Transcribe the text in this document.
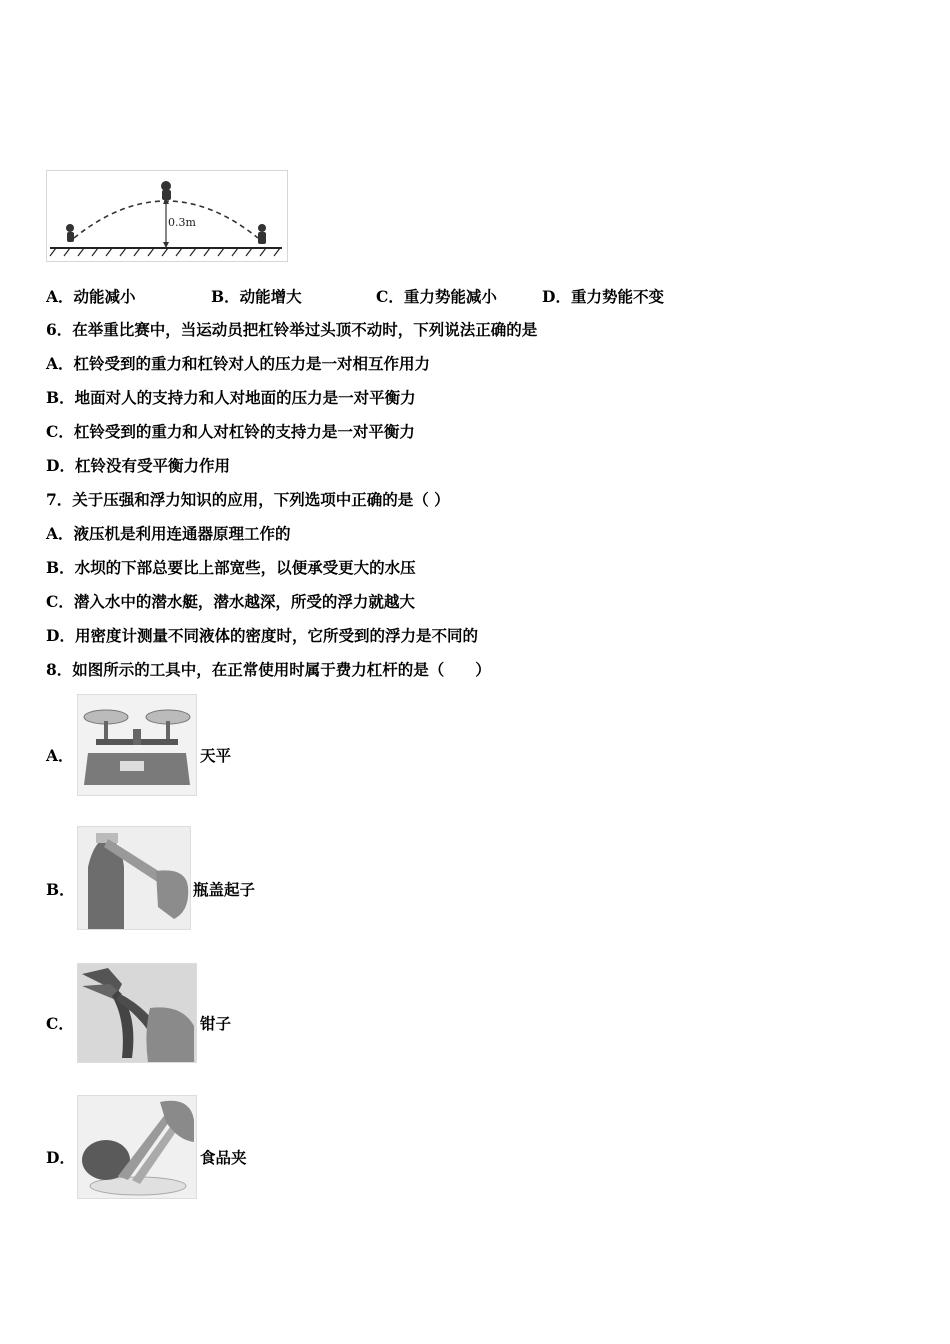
0.3m
A．动能减小	B．动能增大	C．重力势能减小	D．重力势能不变
6．在举重比赛中，当运动员把杠铃举过头顶不动时，下列说法正确的是
A．杠铃受到的重力和杠铃对人的压力是一对相互作用力
B．地面对人的支持力和人对地面的压力是一对平衡力
C．杠铃受到的重力和人对杠铃的支持力是一对平衡力
D．杠铃没有受平衡力作用
7．关于压强和浮力知识的应用，下列选项中正确的是（ ）
A．液压机是利用连通器原理工作的
B．水坝的下部总要比上部宽些，以便承受更大的水压
C．潜入水中的潜水艇，潜水越深，所受的浮力就越大
D．用密度计测量不同液体的密度时，它所受到的浮力是不同的
8．如图所示的工具中，在正常使用时属于费力杠杆的是（　　）
A．	天平
B．	瓶盖起子
C．	钳子
D．	食品夹
